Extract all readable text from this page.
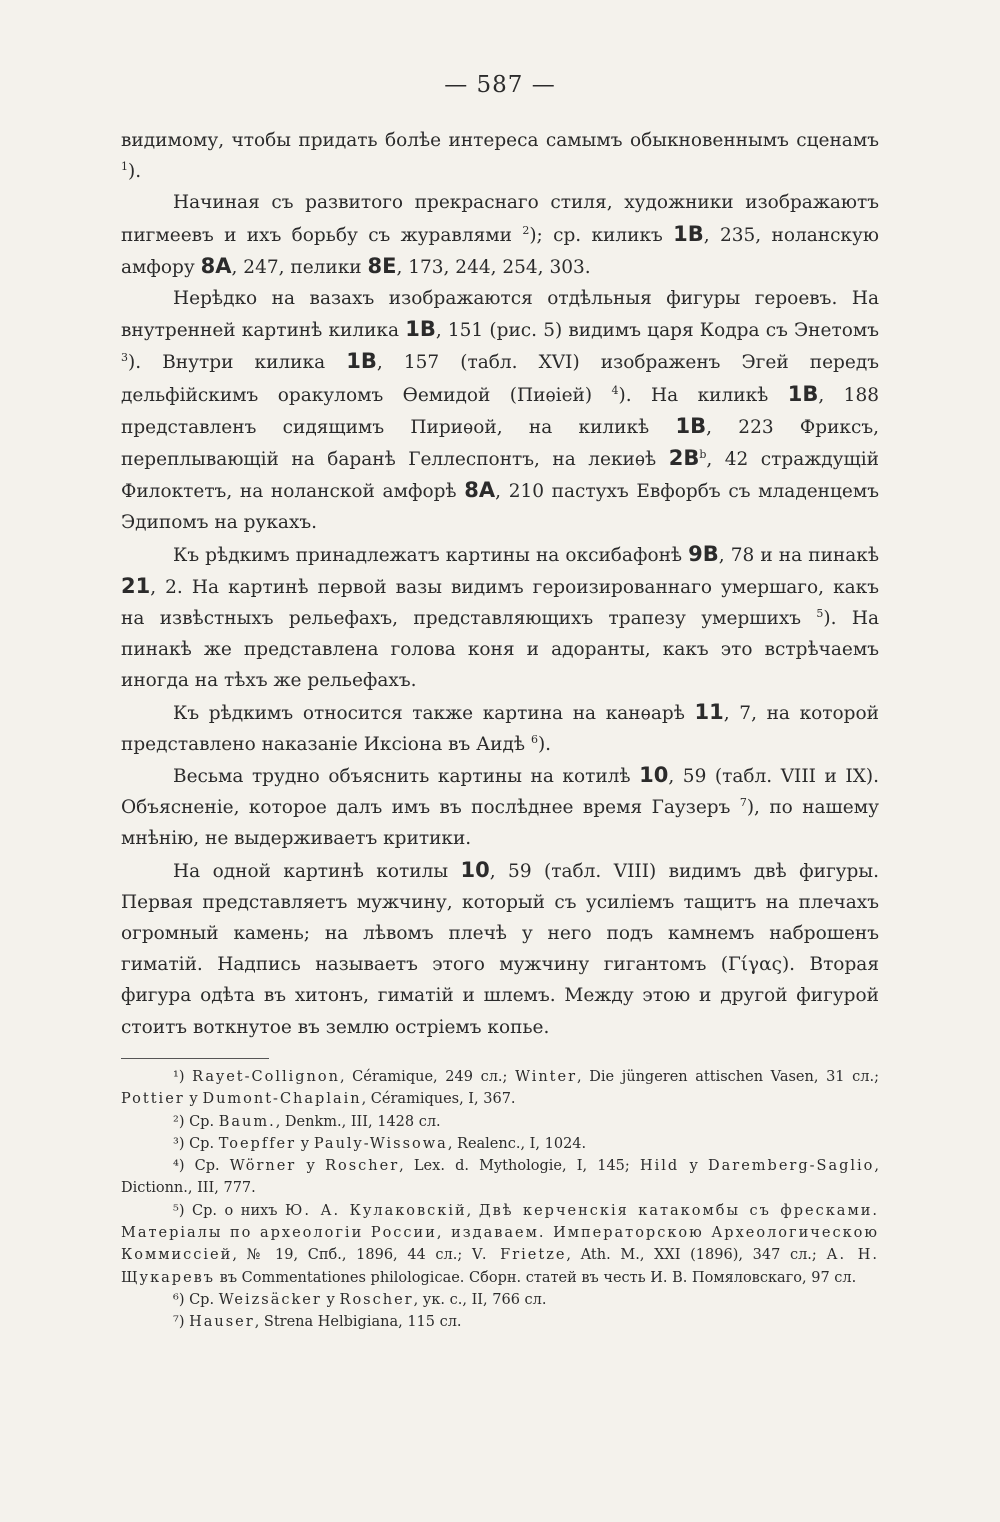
— 587 —

видимому, чтобы придать болѣе интереса самымъ обыкновеннымъ сценамъ $^1$).

Начиная съ развитого прекраснаго стиля, художники изображаютъ пигмеевъ и ихъ борьбу съ журавлями $^2$); ср. киликъ 1B, 235, ноланскую амфору 8A, 247, пелики 8E, 173, 244, 254, 303.

Нерѣдко на вазахъ изображаются отдѣльныя фигуры героевъ. На внутренней картинѣ килика 1B, 151 (рис. 5) видимъ царя Кодра съ Энетомъ $^3$). Внутри килика 1B, 157 (табл. XVI) изображенъ Эгей передъ дельфійскимъ оракуломъ Ѳемидой (Пиѳіей) $^4$). На киликѣ 1B, 188 представленъ сидящимъ Пириѳой, на киликѣ 1B, 223 Фриксъ, переплывающій на баранѣ Геллеспонтъ, на лекиѳѣ $2B^b$, 42 страждущій Филоктетъ, на ноланской амфорѣ 8A, 210 пастухъ Евфорбъ съ младенцемъ Эдипомъ на рукахъ.

Къ рѣдкимъ принадлежатъ картины на оксибафонѣ 9B, 78 и на пинакѣ 21, 2. На картинѣ первой вазы видимъ героизированнаго умершаго, какъ на извѣстныхъ рельефахъ, представляющихъ трапезу умершихъ $^5$). На пинакѣ же представлена голова коня и адоранты, какъ это встрѣчаемъ иногда на тѣхъ же рельефахъ.

Къ рѣдкимъ относится также картина на канѳарѣ 11, 7, на которой представлено наказаніе Иксіона въ Аидѣ $^6$).

Весьма трудно объяснить картины на котилѣ 10, 59 (табл. VIII и IX). Объясненіе, которое далъ имъ въ послѣднее время Гаузеръ $^7$), по нашему мнѣнію, не выдерживаетъ критики.

На одной картинѣ котилы 10, 59 (табл. VIII) видимъ двѣ фигуры. Первая представляетъ мужчину, который съ усиліемъ тащитъ на плечахъ огромный камень; на лѣвомъ плечѣ у него подъ камнемъ наброшенъ гиматій. Надпись называетъ этого мужчину гигантомъ (Γίγας). Вторая фигура одѣта въ хитонъ, гиматій и шлемъ. Между этою и другой фигурой стоитъ воткнутое въ землю остріемъ копье.

¹) Rayet-Collignon, Céramique, 249 сл.; Winter, Die jüngeren attischen Vasen, 31 сл.; Pottier у Dumont-Chaplain, Céramiques, I, 367.

²) Ср. Baum., Denkm., III, 1428 сл.

³) Ср. Toepffer у Pauly-Wissowa, Realenc., I, 1024.

⁴) Ср. Wörner у Roscher, Lex. d. Mythologie, I, 145; Hild у Daremberg-Saglio, Dictionn., III, 777.

⁵) Ср. о нихъ Ю. А. Кулаковскій, Двѣ керченскія катакомбы съ фресками. Матеріалы по археологіи России, издаваем. Императорскою Археологическою Коммиссіей, № 19, Спб., 1896, 44 сл.; V. Frietze, Ath. M., XXI (1896), 347 сл.; А. Н. Щукаревъ въ Commentationes philologicae. Сборн. статей въ честь И. В. Помяловскаго, 97 сл.

⁶) Ср. Weizsäcker у Roscher, ук. с., II, 766 сл.

⁷) Hauser, Strena Helbigiana, 115 сл.
